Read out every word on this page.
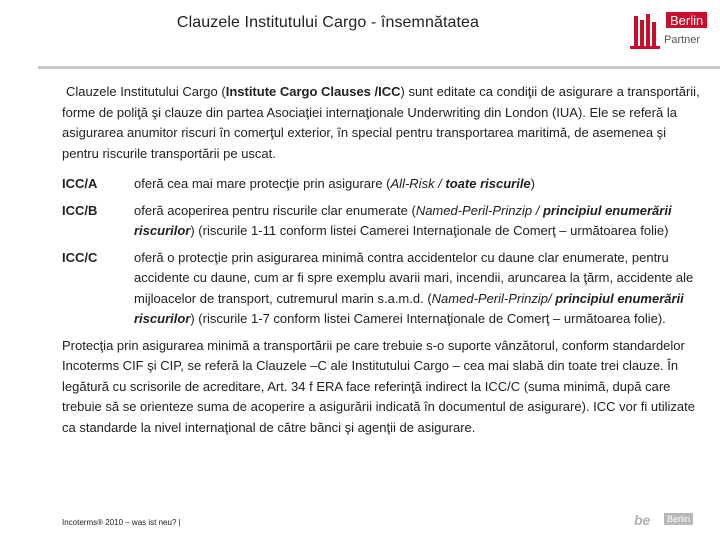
Clauzele Institutului Cargo - însemnătatea	Berlin
Partner

Clauzele Institutului Cargo (Institute Cargo Clauses /ICC) sunt editate ca condiţii de asigurare a transportării, forme de poliţă şi clauze din partea Asociaţiei internaţionale Underwriting din London (IUA). Ele se referă la asigurarea anumitor riscuri în comerţul exterior, în special pentru transportarea maritimă, de asemenea şi pentru riscurile transportării pe uscat.

ICC/A	oferă cea mai mare protecţie prin asigurare (All-Risk / toate riscurile)
ICC/B	oferă acoperirea pentru riscurile clar enumerate (Named-Peril-Prinzip / principiul enumerării riscurilor) (riscurile 1-11 conform listei Camerei Internaţionale de Comerţ – următoarea folie)
ICC/C	oferă o protecţie prin asigurarea minimă contra accidentelor cu daune clar enumerate, pentru accidente cu daune, cum ar fi spre exemplu avarii mari, incendii, aruncarea la ţărm, accidente ale mijloacelor de transport, cutremurul marin s.a.m.d. (Named-Peril-Prinzip/ principiul enumerării riscurilor) (riscurile 1-7 conform listei Camerei Internaţionale de Comerţ – următoarea folie).

Protecţia prin asigurarea minimă a transportării pe care trebuie s-o suporte vânzătorul, conform standardelor Incoterms CIF şi CIP, se referă la Clauzele –C ale Institutului Cargo – cea mai slabă din toate trei clauze. În legătură cu scrisorile de acreditare, Art. 34 f ERA face referinţă indirect la ICC/C (suma minimă, după care trebuie să se orienteze suma de acoperire a asigurării indicată în documentul de asigurare). ICC vor fi utilizate ca standarde la nivel internaţional de către bănci şi agenţii de asigurare.

Incoterms® 2010 – was ist neu? |	be	Berlin
